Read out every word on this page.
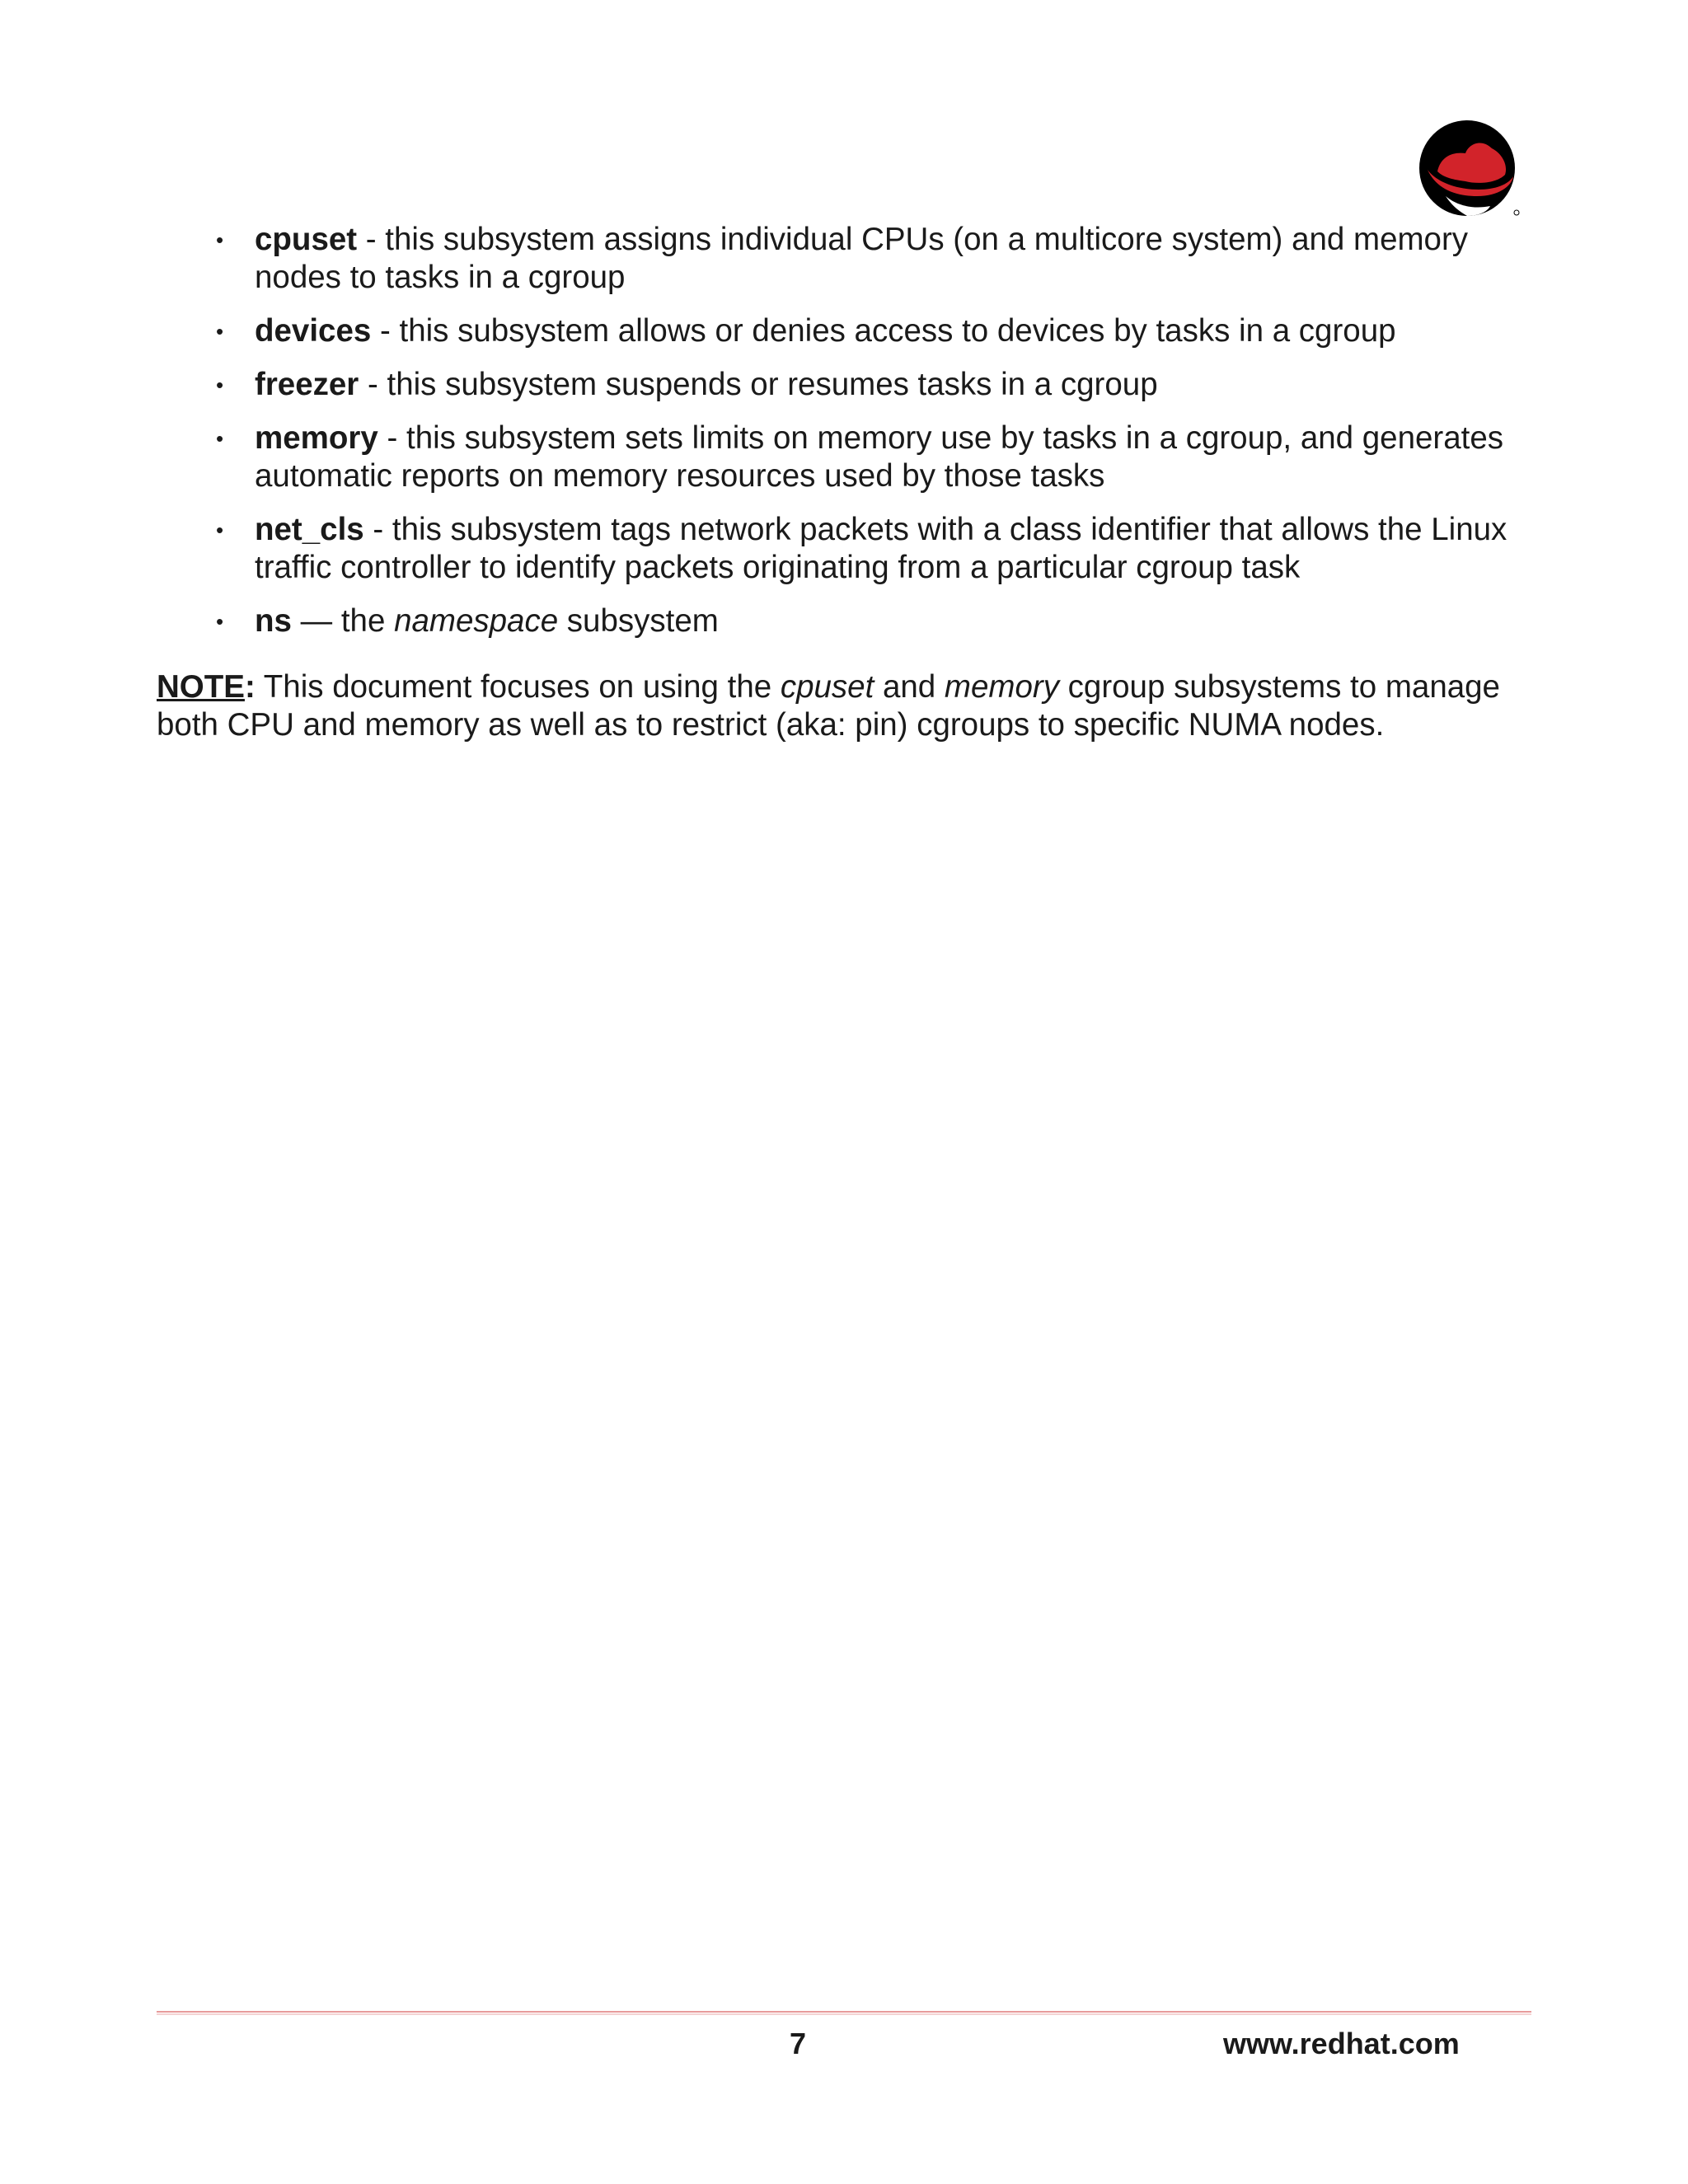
• cpuset - this subsystem assigns individual CPUs (on a multicore system) and memory nodes to tasks in a cgroup
• devices - this subsystem allows or denies access to devices by tasks in a cgroup
• freezer - this subsystem suspends or resumes tasks in a cgroup
• memory - this subsystem sets limits on memory use by tasks in a cgroup, and generates automatic reports on memory resources used by those tasks
• net_cls - this subsystem tags network packets with a class identifier that allows the Linux traffic controller to identify packets originating from a particular cgroup task
• ns — the namespace subsystem

NOTE: This document focuses on using the cpuset and memory cgroup subsystems to manage both CPU and memory as well as to restrict (aka: pin) cgroups to specific NUMA nodes.

7	www.redhat.com
